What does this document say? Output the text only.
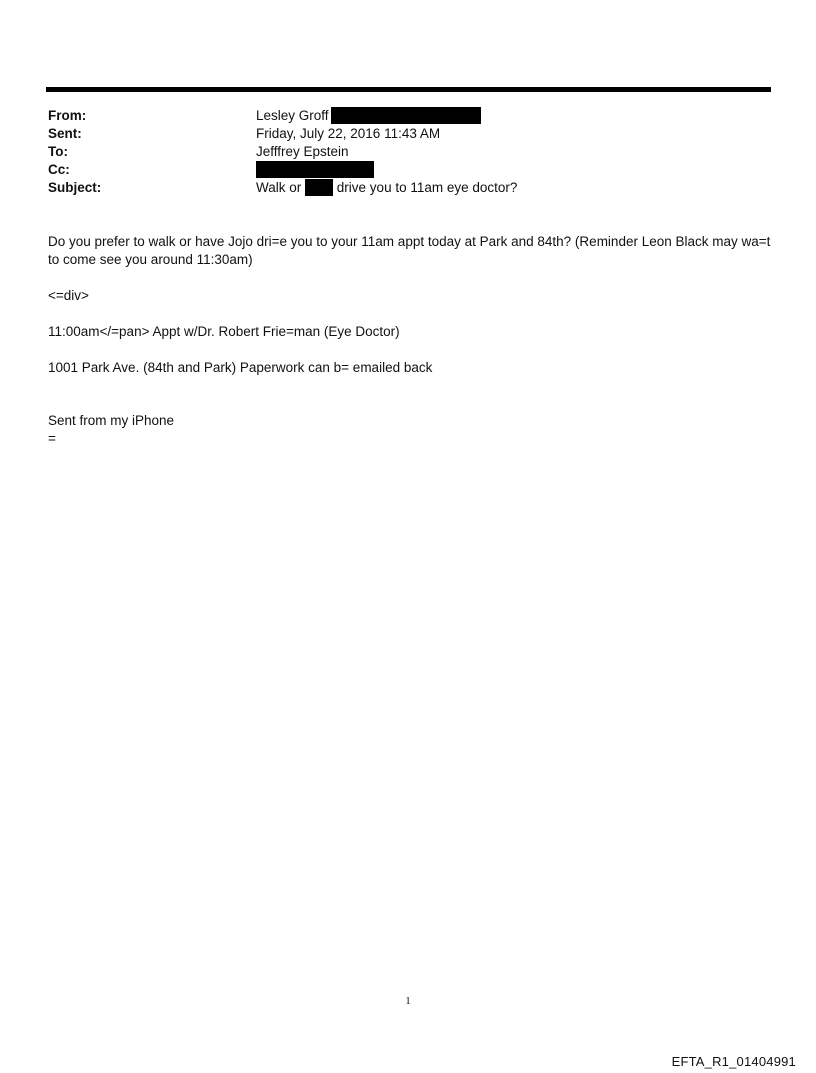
From:	Lesley Groff
Sent:	Friday, July 22, 2016 11:43 AM
To:	Jefffrey Epstein
Cc:
Subject:	Walk or	drive you to 11am eye doctor?

Do you prefer to walk or have Jojo dri=e you to your 11am appt today at Park and 84th? (Reminder Leon Black may wa=t to come see you around 11:30am)

<=div>

11:00am</=pan> Appt w/Dr. Robert Frie=man (Eye Doctor)

1001 Park Ave. (84th and Park) Paperwork can b= emailed back

Sent from my iPhone

=

1
EFTA_R1_01404991
